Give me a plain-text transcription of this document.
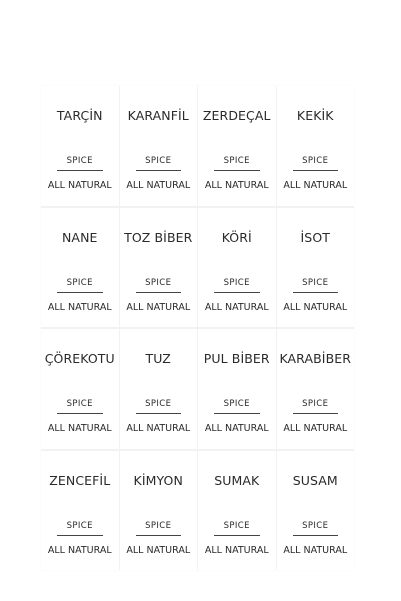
TARÇİN
SPICE
ALL NATURAL
KARANFİL
SPICE
ALL NATURAL
ZERDEÇAL
SPICE
ALL NATURAL
KEKİK
SPICE
ALL NATURAL
NANE
SPICE
ALL NATURAL
TOZ BİBER
SPICE
ALL NATURAL
KÖRİ
SPICE
ALL NATURAL
İSOT
SPICE
ALL NATURAL
ÇÖREKOTU
SPICE
ALL NATURAL
TUZ
SPICE
ALL NATURAL
PUL BİBER
SPICE
ALL NATURAL
KARABİBER
SPICE
ALL NATURAL
ZENCEFİL
SPICE
ALL NATURAL
KİMYON
SPICE
ALL NATURAL
SUMAK
SPICE
ALL NATURAL
SUSAM
SPICE
ALL NATURAL
